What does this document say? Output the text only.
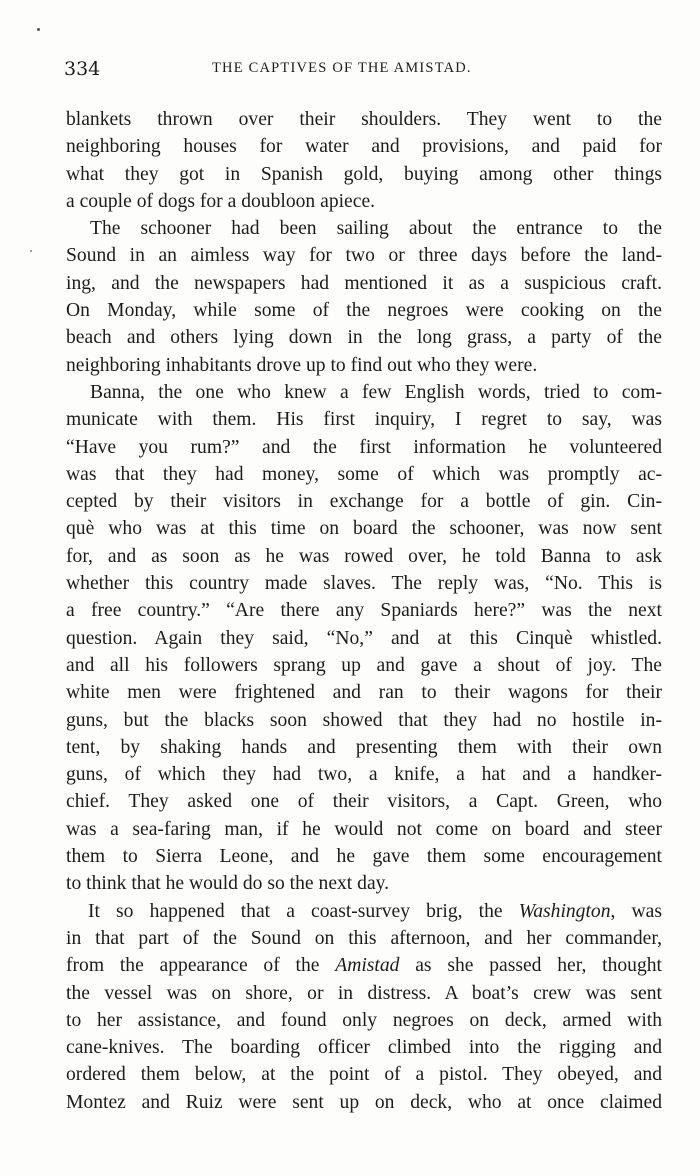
334	THE CAPTIVES OF THE AMISTAD.
blankets thrown over their shoulders. They went to the
neighboring houses for water and provisions, and paid for
what they got in Spanish gold, buying among other things
a couple of dogs for a doubloon apiece.
The schooner had been sailing about the entrance to the
Sound in an aimless way for two or three days before the land-
ing, and the newspapers had mentioned it as a suspicious craft.
On Monday, while some of the negroes were cooking on the
beach and others lying down in the long grass, a party of the
neighboring inhabitants drove up to find out who they were.
Banna, the one who knew a few English words, tried to com-
municate with them. His first inquiry, I regret to say, was
“Have you rum?” and the first information he volunteered
was that they had money, some of which was promptly ac-
cepted by their visitors in exchange for a bottle of gin. Cin-
què who was at this time on board the schooner, was now sent
for, and as soon as he was rowed over, he told Banna to ask
whether this country made slaves. The reply was, “No. This is
a free country.” “Are there any Spaniards here?” was the next
question. Again they said, “No,” and at this Cinquè whistled.
and all his followers sprang up and gave a shout of joy. The
white men were frightened and ran to their wagons for their
guns, but the blacks soon showed that they had no hostile in-
tent, by shaking hands and presenting them with their own
guns, of which they had two, a knife, a hat and a handker-
chief. They asked one of their visitors, a Capt. Green, who
was a sea-faring man, if he would not come on board and steer
them to Sierra Leone, and he gave them some encouragement
to think that he would do so the next day.
It so happened that a coast-survey brig, the Washington, was
in that part of the Sound on this afternoon, and her commander,
from the appearance of the Amistad as she passed her, thought
the vessel was on shore, or in distress. A boat’s crew was sent
to her assistance, and found only negroes on deck, armed with
cane-knives. The boarding officer climbed into the rigging and
ordered them below, at the point of a pistol. They obeyed, and
Montez and Ruiz were sent up on deck, who at once claimed
